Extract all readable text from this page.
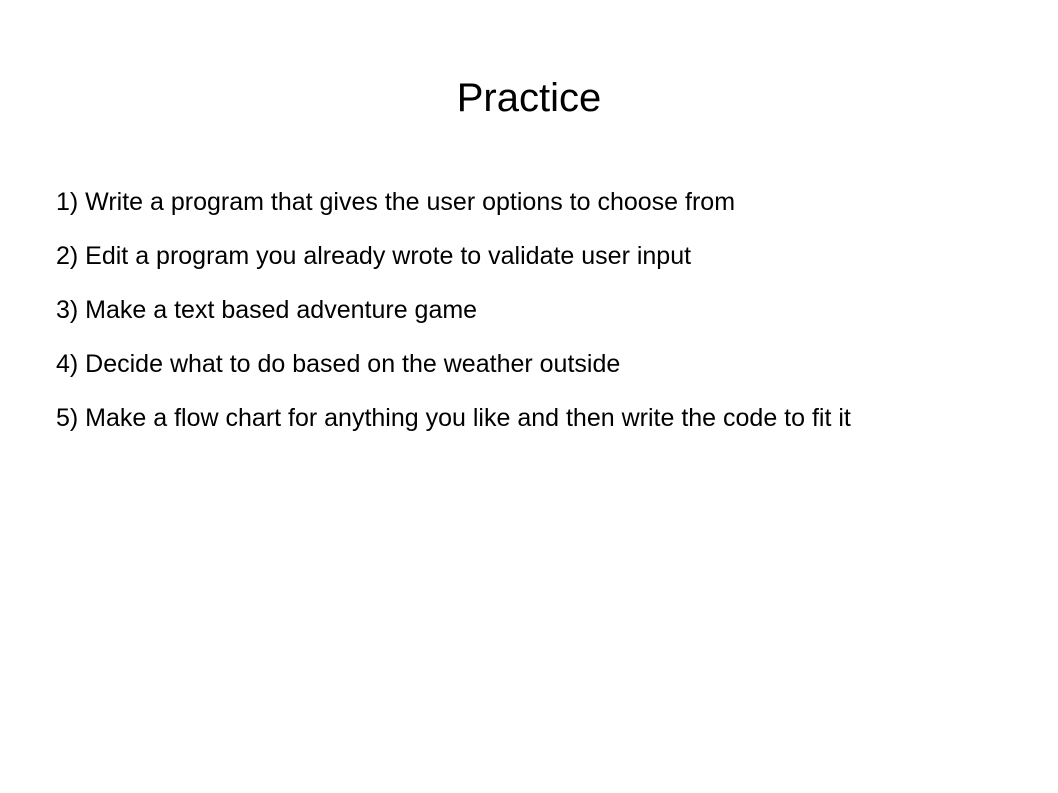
Practice
1) Write a program that gives the user options to choose from
2) Edit a program you already wrote to validate user input
3) Make a text based adventure game
4) Decide what to do based on the weather outside
5) Make a flow chart for anything you like and then write the code to fit it
